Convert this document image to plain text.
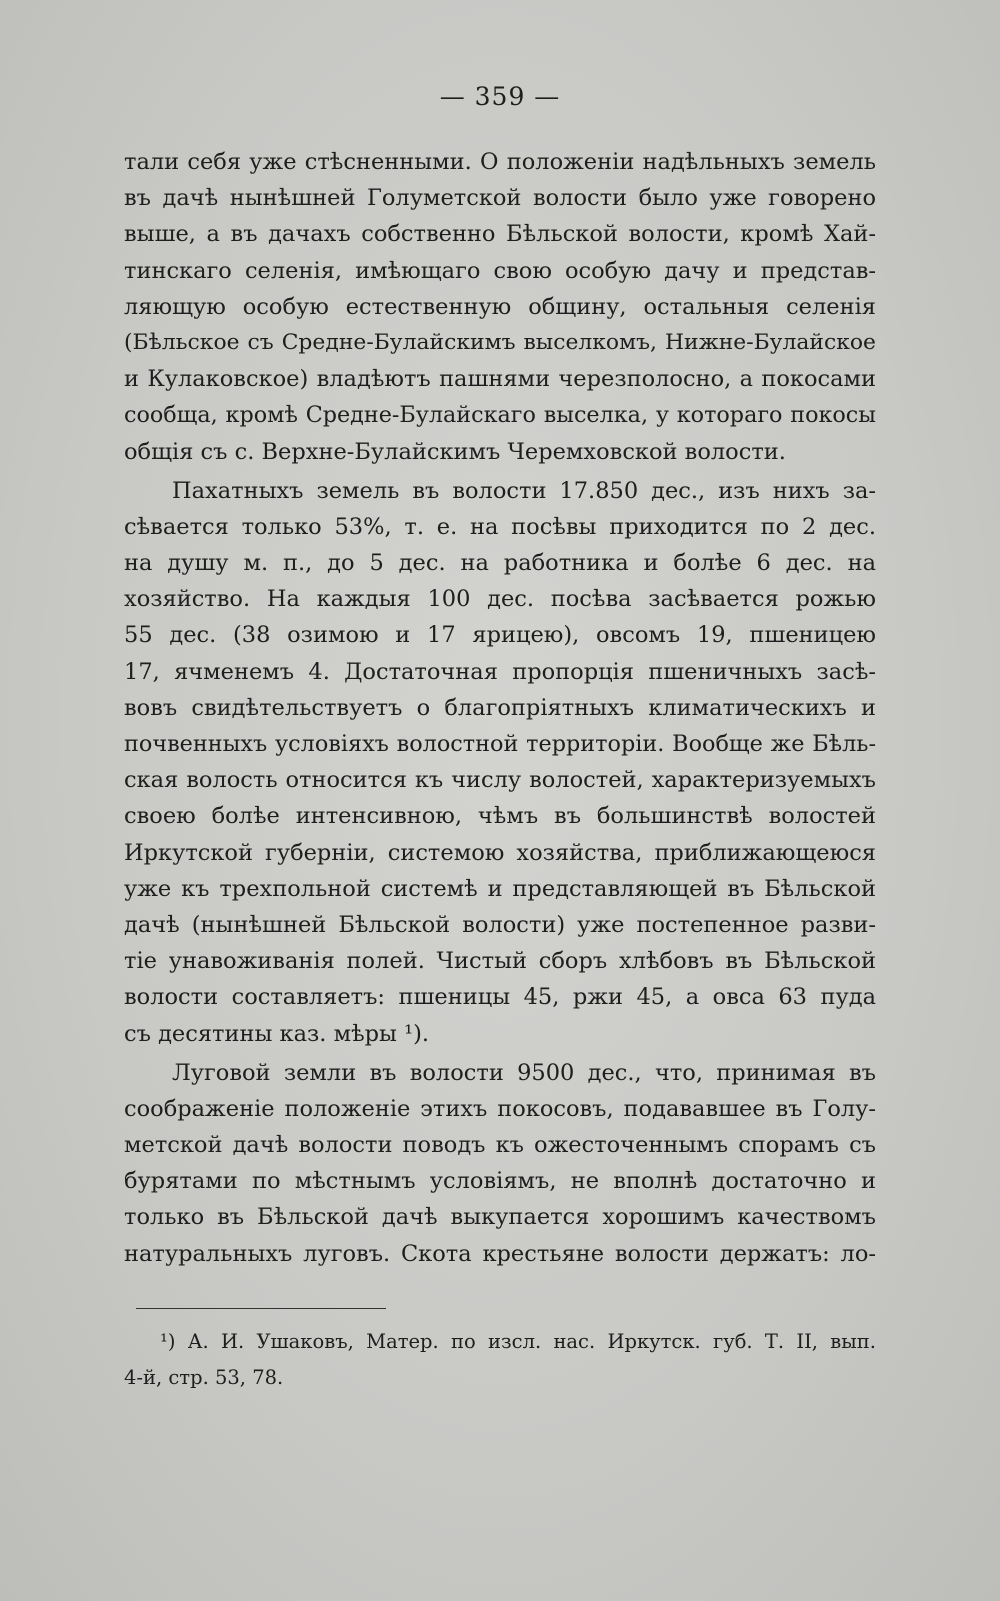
— 359 —
тали себя уже стѣсненными. О положеніи надѣльныхъ земель
въ дачѣ нынѣшней Голуметской волости было уже говорено
выше, а въ дачахъ собственно Бѣльской волости, кромѣ Хай-
тинскаго селенія, имѣющаго свою особую дачу и представ-
ляющую особую естественную общину, остальныя селенія
(Бѣльское съ Средне-Булайскимъ выселкомъ, Нижне-Булайское
и Кулаковское) владѣютъ пашнями черезполосно, а покосами
сообща, кромѣ Средне-Булайскаго выселка, у котораго покосы
общія съ с. Верхне-Булайскимъ Черемховской волости.
Пахатныхъ земель въ волости 17.850 дес., изъ нихъ за-
сѣвается только 53%, т. е. на посѣвы приходится по 2 дес.
на душу м. п., до 5 дес. на работника и болѣе 6 дес. на
хозяйство. На каждыя 100 дес. посѣва засѣвается рожью
55 дес. (38 озимою и 17 ярицею), овсомъ 19, пшеницею
17, ячменемъ 4. Достаточная пропорція пшеничныхъ засѣ-
вовъ свидѣтельствуетъ о благопріятныхъ климатическихъ и
почвенныхъ условіяхъ волостной территоріи. Вообще же Бѣль-
ская волость относится къ числу волостей, характеризуемыхъ
своею болѣе интенсивною, чѣмъ въ большинствѣ волостей
Иркутской губерніи, системою хозяйства, приближающеюся
уже къ трехпольной системѣ и представляющей въ Бѣльской
дачѣ (нынѣшней Бѣльской волости) уже постепенное разви-
тіе унавоживанія полей. Чистый сборъ хлѣбовъ въ Бѣльской
волости составляетъ: пшеницы 45, ржи 45, а овса 63 пуда
съ десятины каз. мѣры ¹).
Луговой земли въ волости 9500 дес., что, принимая въ
соображеніе положеніе этихъ покосовъ, подававшее въ Голу-
метской дачѣ волости поводъ къ ожесточеннымъ спорамъ съ
бурятами по мѣстнымъ условіямъ, не вполнѣ достаточно и
только въ Бѣльской дачѣ выкупается хорошимъ качествомъ
натуральныхъ луговъ. Скота крестьяне волости держатъ: ло-
¹) А. И. Ушаковъ, Матер. по изсл. нас. Иркутск. губ. Т. II, вып.
4-й, стр. 53, 78.
